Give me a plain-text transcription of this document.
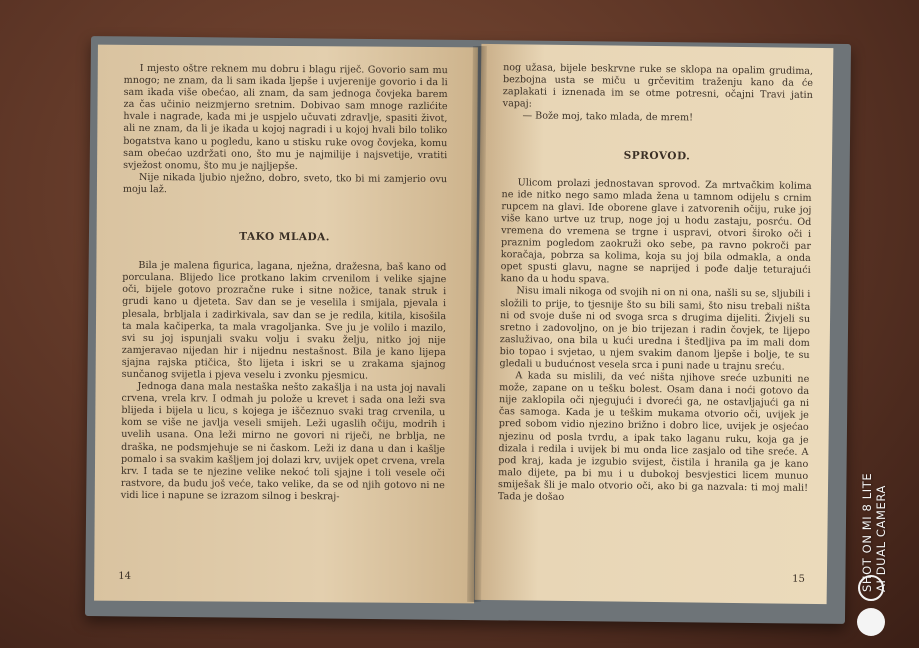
I mjesto oštre reknem mu dobru i blagu riječ. Govorio sam mu mnogo; ne znam, da li sam ikada ljepše i uvjerenije govorio i da li sam ikada više obećao, ali znam, da sam jednoga čovjeka barem za čas učinio neizmjerno sretnim. Dobivao sam mnoge razlićite hvale i nagrade, kada mi je uspjelo učuvati zdravlje, spasiti život, ali ne znam, da li je ikada u kojoj nagradi i u kojoj hvali bilo toliko bogatstva kano u pogledu, kano u stisku ruke ovog čovjeka, komu sam obećao uzdržati ono, što mu je najmilije i najsvetije, vratiti svježost onomu, što mu je najljepše.

Nije nikada ljubio nježno, dobro, sveto, tko bi mi zamjerio ovu moju laž.

TAKO MLADA.

Bila je malena figurica, lagana, nježna, dražesna, baš kano od porculana. Blijedo lice protkano lakim crvenilom i velike sjajne oči, bijele gotovo prozračne ruke i sitne nožice, tanak struk i grudi kano u djeteta. Sav dan se je veselila i smijala, pjevala i plesala, brbljala i zadirkivala, sav dan se je redila, kitila, kisošila ta mala kačiperka, ta mala vragoljanka. Sve ju je volilo i mazilo, svi su joj ispunjali svaku volju i svaku želju, nitko joj nije zamjeravao nijedan hir i nijednu nestašnost. Bila je kano lijepa sjajna rajska ptičica, što lijeta i iskri se u zrakama sjajnog sunčanog svijetla i pjeva veselu i zvonku pjesmicu.

Jednoga dana mala nestaška nešto zakašlja i na usta joj navali crvena, vrela krv. I odmah ju polože u krevet i sada ona leži sva blijeda i bijela u licu, s kojega je iščeznuo svaki trag crvenila, u kom se više ne javlja veseli smijeh. Leži ugaslih očiju, modrih i uvelih usana. Ona leži mirno ne govori ni riječi, ne brblja, ne draška, ne podsmjehuje se ni časkom. Leži iz dana u dan i kašlje pomalo i sa svakim kašljem joj dolazi krv, uvijek opet crvena, vrela krv. I tada se te njezine velike nekoć toli sjajne i toli vesele oči rastvore, da budu još veće, tako velike, da se od njih gotovo ni ne vidi lice i napune se izrazom silnog i beskraj-

14

nog užasa, bijele beskrvne ruke se sklopa na opalim grudima, bezbojna usta se miču u grčevitim traženju kano da će zaplakati i iznenada im se otme potresni, očajni Travi jatin vapaj:

— Bože moj, tako mlada, de mrem!

SPROVOD.

Ulicom prolazi jednostavan sprovod. Za mrtvačkim kolima ne ide nitko nego samo mlada žena u tamnom odijelu s crnim rupcem na glavi. Ide oborene glave i zatvorenih očiju, ruke joj više kano urtve uz trup, noge joj u hodu zastaju, posrću. Od vremena do vremena se trgne i uspravi, otvori široko oči i praznim pogledom zaokruži oko sebe, pa ravno pokroči par koračaja, pobrza sa kolima, koja su joj bila odmakla, a onda opet spusti glavu, nagne se naprijed i pođe dalje teturajući kano da u hodu spava.

Nisu imali nikoga od svojih ni on ni ona, našli su se, sljubili i složili to prije, to tjesnije što su bili sami, što nisu trebali ništa ni od svoje duše ni od svoga srca s drugima dijeliti. Živjeli su sretno i zadovoljno, on je bio trijezan i radin čovjek, te lijepo zasluživao, ona bila u kući uredna i štedljiva pa im mali dom bio topao i svjetao, u njem svakim danom ljepše i bolje, te su gledali u budućnost vesela srca i puni nade u trajnu sreću.

A kada su mislili, da već ništa njihove sreće uzbuniti ne može, zapane on u tešku bolest. Osam dana i noći gotovo da nije zaklopila oči njegujući i dvoreći ga, ne ostavljajući ga ni čas samoga. Kada je u teškim mukama otvorio oči, uvijek je pred sobom vidio njezino brižno i dobro lice, uvijek je osjećao njezinu od posla tvrdu, a ipak tako laganu ruku, koja ga je dizala i redila i uvijek bi mu onda lice zasjalo od tihe sreće. A pod kraj, kada je izgubio svijest, čistila i hranila ga je kano malo dijete, pa bi mu i u dubokoj besvjestici licem munuo smiješak šli je malo otvorio oči, ako bi ga nazvala: ti moj mali! Tada je došao

15	SHOT ON MI 8 LITE AI DUAL CAMERA
